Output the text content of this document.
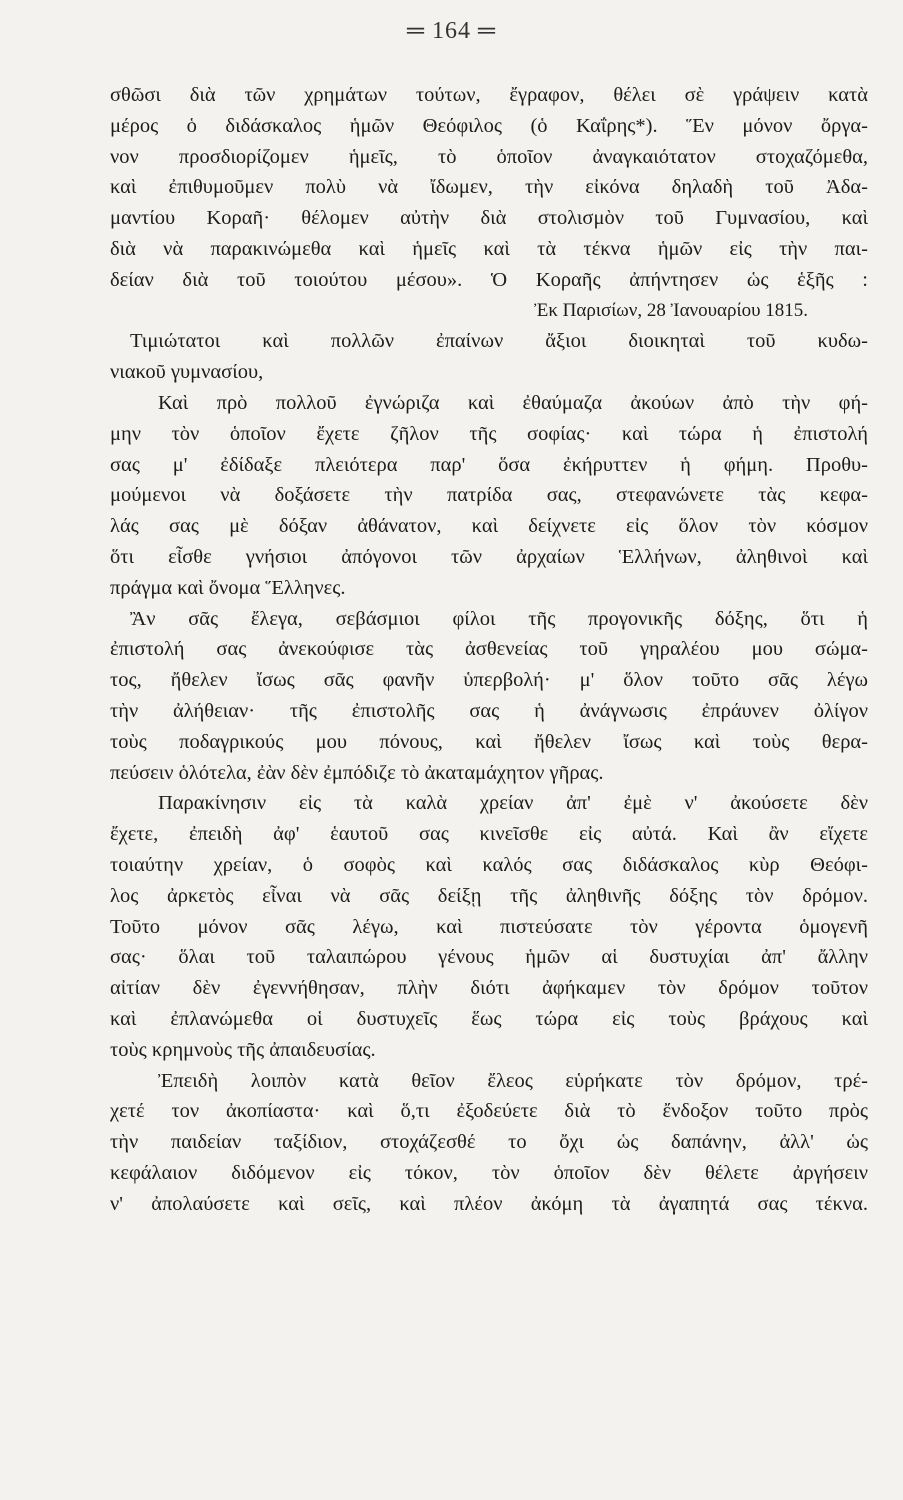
═ 164 ═
σθῶσι διὰ τῶν χρημάτων τούτων, ἔγραφον, θέλει σὲ γράψειν κατὰ
μέρος ὁ διδάσκαλος ἡμῶν Θεόφιλος (ὁ Καΐρης*). Ἕν μόνον ὄργα-
νον προσδιορίζομεν ἡμεῖς, τὸ ὁποῖον ἀναγκαιότατον στοχαζόμεθα,
καὶ ἐπιθυμοῦμεν πολὺ νὰ ἴδωμεν, τὴν εἰκόνα δηλαδὴ τοῦ Ἀδα-
μαντίου Κοραῆ· θέλομεν αὐτὴν διὰ στολισμὸν τοῦ Γυμνασίου, καὶ
διὰ νὰ παρακινώμεθα καὶ ἡμεῖς καὶ τὰ τέκνα ἡμῶν εἰς τὴν παι-
δείαν διὰ τοῦ τοιούτου μέσου». Ὁ Κοραῆς ἀπήντησεν ὡς ἑξῆς :
Ἐκ Παρισίων, 28 Ἰανουαρίου 1815.
Τιμιώτατοι καὶ πολλῶν ἐπαίνων ἄξιοι διοικηταὶ τοῦ κυδω-
νιακοῦ γυμνασίου,
Καὶ πρὸ πολλοῦ ἐγνώριζα καὶ ἐθαύμαζα ἀκούων ἀπὸ τὴν φή-
μην τὸν ὁποῖον ἔχετε ζῆλον τῆς σοφίας· καὶ τώρα ἡ ἐπιστολή
σας μ' ἐδίδαξε πλειότερα παρ' ὅσα ἐκήρυττεν ἡ φήμη. Προθυ-
μούμενοι νὰ δοξάσετε τὴν πατρίδα σας, στεφανώνετε τὰς κεφα-
λάς σας μὲ δόξαν ἀθάνατον, καὶ δείχνετε εἰς ὅλον τὸν κόσμον
ὅτι εἶσθε γνήσιοι ἀπόγονοι τῶν ἀρχαίων Ἑλλήνων, ἀληθινοὶ καὶ
πράγμα καὶ ὄνομα Ἕλληνες.
Ἂν σᾶς ἔλεγα, σεβάσμιοι φίλοι τῆς προγονικῆς δόξης, ὅτι ἡ
ἐπιστολή σας ἀνεκούφισε τὰς ἀσθενείας τοῦ γηραλέου μου σώμα-
τος, ἤθελεν ἴσως σᾶς φανῆν ὑπερβολή· μ' ὅλον τοῦτο σᾶς λέγω
τὴν ἀλήθειαν· τῆς ἐπιστολῆς σας ἡ ἀνάγνωσις ἐπράυνεν ὀλίγον
τοὺς ποδαγρικούς μου πόνους, καὶ ἤθελεν ἴσως καὶ τοὺς θερα-
πεύσειν ὁλότελα, ἐὰν δὲν ἐμπόδιζε τὸ ἀκαταμάχητον γῆρας.
Παρακίνησιν εἰς τὰ καλὰ χρείαν ἀπ' ἐμὲ ν' ἀκούσετε δὲν
ἔχετε, ἐπειδὴ ἀφ' ἑαυτοῦ σας κινεῖσθε εἰς αὐτά. Καὶ ἂν εἴχετε
τοιαύτην χρείαν, ὁ σοφὸς καὶ καλός σας διδάσκαλος κὺρ Θεόφι-
λος ἀρκετὸς εἶναι νὰ σᾶς δείξῃ τῆς ἀληθινῆς δόξης τὸν δρόμον.
Τοῦτο μόνον σᾶς λέγω, καὶ πιστεύσατε τὸν γέροντα ὁμογενῆ
σας· ὅλαι τοῦ ταλαιπώρου γένους ἡμῶν αἱ δυστυχίαι ἀπ' ἄλλην
αἰτίαν δὲν ἐγεννήθησαν, πλὴν διότι ἀφήκαμεν τὸν δρόμον τοῦτον
καὶ ἐπλανώμεθα οἱ δυστυχεῖς ἕως τώρα εἰς τοὺς βράχους καὶ
τοὺς κρημνοὺς τῆς ἀπαιδευσίας.
Ἐπειδὴ λοιπὸν κατὰ θεῖον ἔλεος εὑρήκατε τὸν δρόμον, τρέ-
χετέ τον ἀκοπίαστα· καὶ ὅ,τι ἐξοδεύετε διὰ τὸ ἔνδοξον τοῦτο πρὸς
τὴν παιδείαν ταξίδιον, στοχάζεσθέ το ὄχι ὡς δαπάνην, ἀλλ' ὡς
κεφάλαιον διδόμενον εἰς τόκον, τὸν ὁποῖον δὲν θέλετε ἀργήσειν
ν' ἀπολαύσετε καὶ σεῖς, καὶ πλέον ἀκόμη τὰ ἀγαπητά σας τέκνα.
